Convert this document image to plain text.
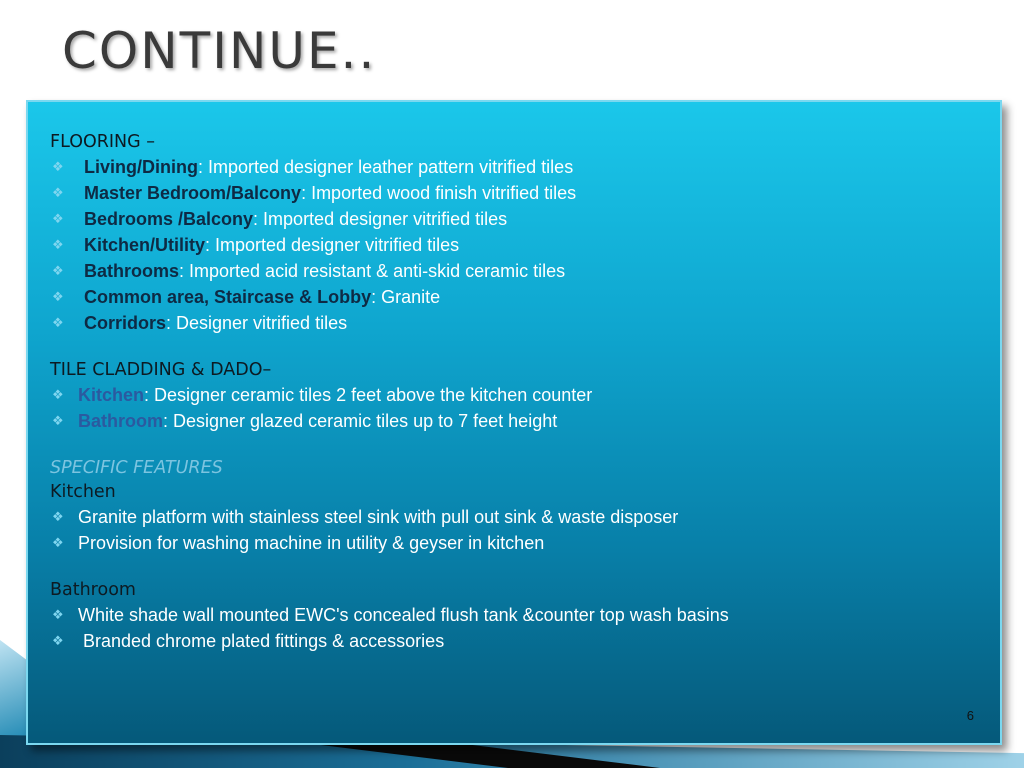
CONTINUE..
FLOORING –
❖ Living/Dining: Imported designer leather pattern vitrified tiles
❖ Master Bedroom/Balcony: Imported wood finish vitrified tiles
❖ Bedrooms /Balcony: Imported designer vitrified tiles
❖ Kitchen/Utility: Imported designer vitrified tiles
❖ Bathrooms: Imported acid resistant & anti-skid ceramic tiles
❖ Common area, Staircase & Lobby: Granite
❖ Corridors: Designer vitrified tiles
TILE CLADDING & DADO–
❖ Kitchen: Designer ceramic tiles 2 feet above the kitchen counter
❖ Bathroom: Designer glazed ceramic tiles up to 7 feet height
SPECIFIC FEATURES
Kitchen
❖ Granite platform with stainless steel sink with pull out sink & waste disposer
❖ Provision for washing machine in utility & geyser in kitchen
Bathroom
❖ White shade wall mounted EWC's concealed flush tank &counter top wash basins
❖ Branded chrome plated fittings & accessories
6
